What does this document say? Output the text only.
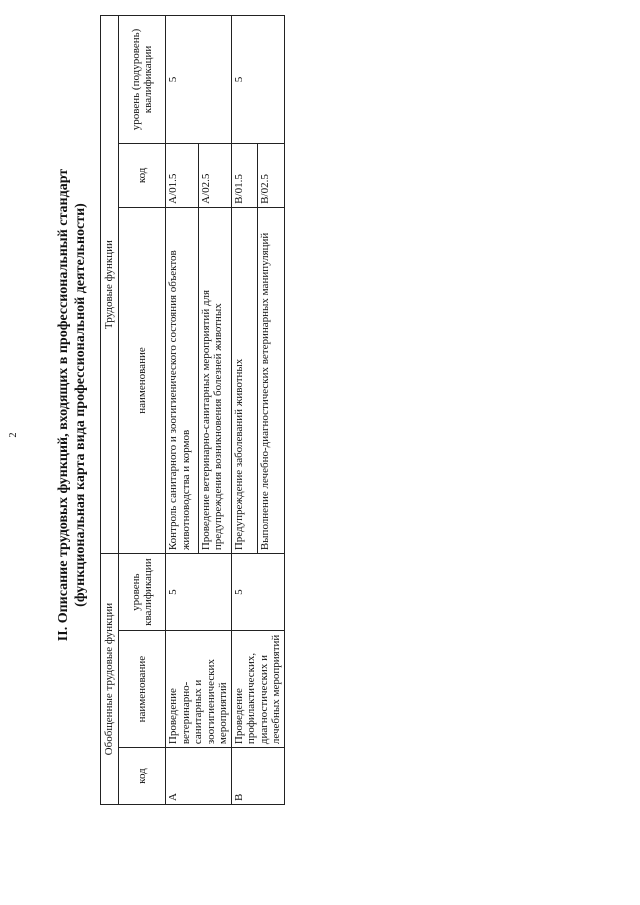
2	II. Описание трудовых функций, входящих в профессиональный стандарт (функциональная карта вида профессиональной деятельности)
Обобщенные трудовые функции			Трудовые функции		
код	наименование	уровень квалификации	наименование	код	уровень (подуровень) квалификации
A	Проведение ветеринарно-санитарных и зоогигиенических мероприятий	5	Контроль санитарного и зоогигиенического состояния объектов животноводства и кормов	A/01.5	5
			Проведение ветеринарно-санитарных мероприятий для предупреждения возникновения болезней животных	A/02.5	
B	Проведение профилактических, диагностических и лечебных мероприятий	5	Предупреждение заболеваний животных	B/01.5	5
			Выполнение лечебно-диагностических ветеринарных манипуляций	B/02.5	
